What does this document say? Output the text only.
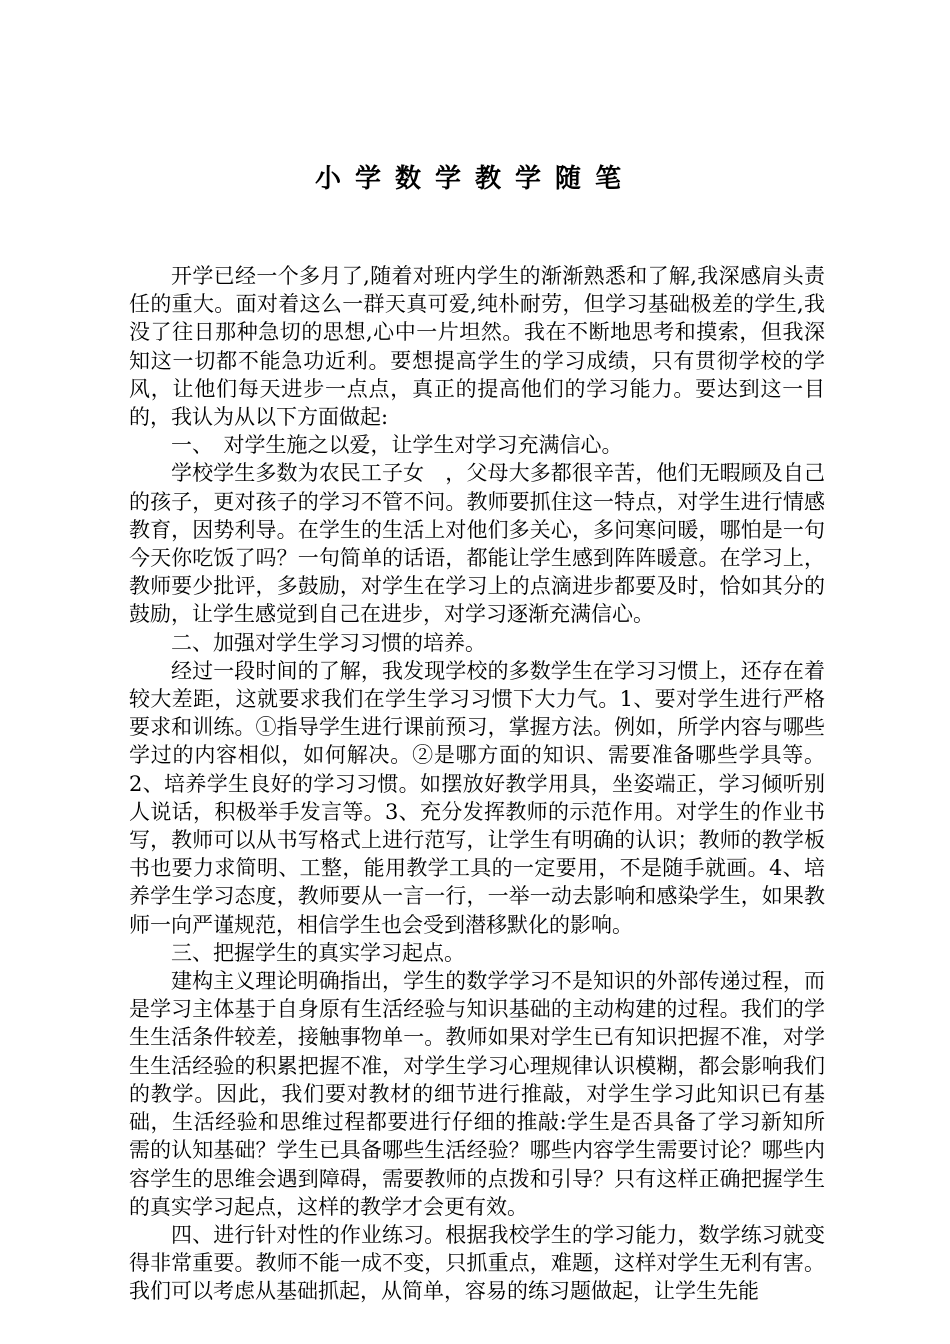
小学数学教学随笔

开学已经一个多月了,随着对班内学生的渐渐熟悉和了解,我深感肩头责任的重大。面对着这么一群天真可爱,纯朴耐劳，但学习基础极差的学生,我没了往日那种急切的思想,心中一片坦然。我在不断地思考和摸索，但我深知这一切都不能急功近利。要想提高学生的学习成绩，只有贯彻学校的学风，让他们每天进步一点点，真正的提高他们的学习能力。要达到这一目的，我认为从以下方面做起:

一、　对学生施之以爱，让学生对学习充满信心。

学校学生多数为农民工子女　，父母大多都很辛苦，他们无暇顾及自己的孩子，更对孩子的学习不管不问。教师要抓住这一特点，对学生进行情感教育，因势利导。在学生的生活上对他们多关心，多问寒问暖，哪怕是一句今天你吃饭了吗？一句简单的话语，都能让学生感到阵阵暖意。在学习上，教师要少批评，多鼓励，对学生在学习上的点滴进步都要及时，恰如其分的鼓励，让学生感觉到自己在进步，对学习逐渐充满信心。

二、加强对学生学习习惯的培养。

经过一段时间的了解，我发现学校的多数学生在学习习惯上，还存在着较大差距，这就要求我们在学生学习习惯下大力气。1、要对学生进行严格要求和训练。①指导学生进行课前预习，掌握方法。例如，所学内容与哪些学过的内容相似，如何解决。②是哪方面的知识、需要准备哪些学具等。2、培养学生良好的学习习惯。如摆放好教学用具，坐姿端正，学习倾听别人说话，积极举手发言等。3、充分发挥教师的示范作用。对学生的作业书写，教师可以从书写格式上进行范写，让学生有明确的认识；教师的教学板书也要力求简明、工整，能用教学工具的一定要用，不是随手就画。4、培养学生学习态度，教师要从一言一行，一举一动去影响和感染学生，如果教师一向严谨规范，相信学生也会受到潜移默化的影响。

三、把握学生的真实学习起点。

建构主义理论明确指出，学生的数学学习不是知识的外部传递过程，而是学习主体基于自身原有生活经验与知识基础的主动构建的过程。我们的学生生活条件较差，接触事物单一。教师如果对学生已有知识把握不准，对学生生活经验的积累把握不准，对学生学习心理规律认识模糊，都会影响我们的教学。因此，我们要对教材的细节进行推敲，对学生学习此知识已有基础，生活经验和思维过程都要进行仔细的推敲:学生是否具备了学习新知所需的认知基础？学生已具备哪些生活经验？哪些内容学生需要讨论？哪些内容学生的思维会遇到障碍，需要教师的点拨和引导？只有这样正确把握学生的真实学习起点，这样的教学才会更有效。

四、进行针对性的作业练习。根据我校学生的学习能力，数学练习就变得非常重要。教师不能一成不变，只抓重点，难题，这样对学生无利有害。我们可以考虑从基础抓起，从简单，容易的练习题做起，让学生先能
